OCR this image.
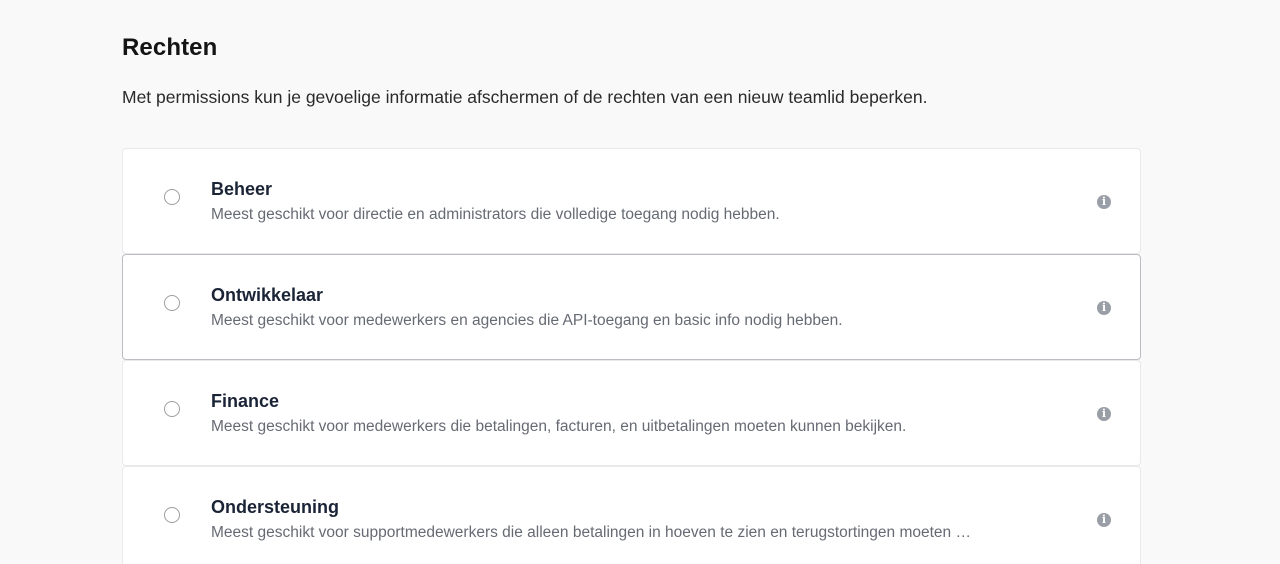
Rechten

Met permissions kun je gevoelige informatie afschermen of de rechten van een nieuw teamlid beperken.

Beheer
Meest geschikt voor directie en administrators die volledige toegang nodig hebben.
i
Ontwikkelaar
Meest geschikt voor medewerkers en agencies die API-toegang en basic info nodig hebben.
i
Finance
Meest geschikt voor medewerkers die betalingen, facturen, en uitbetalingen moeten kunnen bekijken.
i
Ondersteuning
Meest geschikt voor supportmedewerkers die alleen betalingen in hoeven te zien en terugstortingen moeten …
i
